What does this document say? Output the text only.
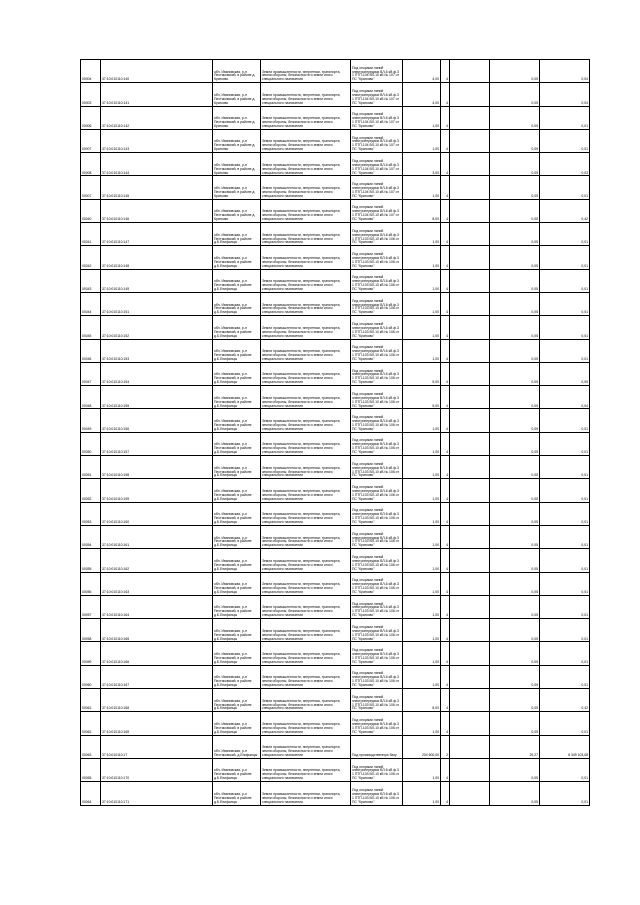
00004	37:10:010110:140	обл. Ивановская, р-н Пестяковский, в районе д. Кратково	Земли промышленности, энергетики, транспорта, земли обороны, безопасности и земли иного специального назначения	Под опорами линий электропередачи ВЛ-6 кВ ф.3 1 ПТП-104 ВЛ-10 кВ № 107 от ПС "Кратково"	4,00	4		0,05	0,04
00003	37:10:010110:141	обл. Ивановская, р-н Пестяковский, в районе д. Кратково	Земли промышленности, энергетики, транспорта, земли обороны, безопасности и земли иного специального назначения	Под опорами линий электропередачи ВЛ-6 кВ ф.3 1 ПТП-104 ВЛ-10 кВ № 107 от ПС "Кратково"	4,00	4		0,05	0,04
00006	37:10:010110:142	обл. Ивановская, р-н Пестяковский, в районе д. Кратково	Земли промышленности, энергетики, транспорта, земли обороны, безопасности и земли иного специального назначения	Под опорами линий электропередачи ВЛ-6 кВ ф.3 1 ПТП-104 ВЛ-10 кВ № 107 от ПС "Кратково"	1,00	4		0,05	0,01
00007	37:10:010110:143	обл. Ивановская, р-н Пестяковский, в районе д. Кратково	Земли промышленности, энергетики, транспорта, земли обороны, безопасности и земли иного специального назначения	Под опорами линий электропередачи ВЛ-6 кВ ф.3 1 ПТП-104 ВЛ-10 кВ № 107 от ПС "Кратково"	1,00	4		0,05	0,01
00008	37:10:010110:144	обл. Ивановская, р-н Пестяковский, в районе д. Кратково	Земли промышленности, энергетики, транспорта, земли обороны, безопасности и земли иного специального назначения	Под опорами линий электропередачи ВЛ-6 кВ ф.3 1 ПТП-104 ВЛ-10 кВ № 107 от ПС "Кратково"	3,00	4		0,05	0,03
00007	37:10:010110:145	обл. Ивановская, р-н Пестяковский, в районе д. Кратково	Земли промышленности, энергетики, транспорта, земли обороны, безопасности и земли иного специального назначения	Под опорами линий электропередачи ВЛ-6 кВ ф.3 1 ПТП-104 ВЛ-10 кВ № 107 от ПС "Кратково"	1,00	4		0,05	0,01
00040	37:10:010110:146	обл. Ивановская, р-н Пестяковский, в районе д. Кратково	Земли промышленности, энергетики, транспорта, земли обороны, безопасности и земли иного специального назначения	Под опорами линий электропередачи ВЛ-6 кВ ф.3 1 ПТП-104 ВЛ-10 кВ № 107 от ПС "Кратково"	8,00	4		0,05	0,42
00041	37:10:010110:147	обл. Ивановская, р-н Пестяковский, в районе д.Б.Епифанцы	Земли промышленности, энергетики, транспорта, земли обороны, безопасности и земли иного специального назначения	Под опорами линий электропередачи ВЛ-6 кВ ф.3 1 ПТП-103 ВЛ-10 кВ № 106 от ПС "Кратково"	1,00	4		0,05	0,01
00042	37:10:010110:148	обл. Ивановская, р-н Пестяковский, в районе д.Б.Епифанцы	Земли промышленности, энергетики, транспорта, земли обороны, безопасности и земли иного специального назначения	Под опорами линий электропередачи ВЛ-6 кВ ф.3 1 ПТП-103 ВЛ-10 кВ № 106 от ПС "Кратково"	1,00	4		0,05	0,01
00043	37:10:010110:149	обл. Ивановская, р-н Пестяковский, в районе д.Б.Епифанцы	Земли промышленности, энергетики, транспорта, земли обороны, безопасности и земли иного специального назначения	Под опорами линий электропередачи ВЛ-6 кВ ф.3 1 ПТП-103 ВЛ-10 кВ № 106 от ПС "Кратково"	1,00	4		0,05	0,01
00044	37:10:010110:151	обл. Ивановская, р-н Пестяковский, в районе д.Б.Епифанцы	Земли промышленности, энергетики, транспорта, земли обороны, безопасности и земли иного специального назначения	Под опорами линий электропередачи ВЛ-6 кВ ф.3 1 ПТП-103 ВЛ-10 кВ № 106 от ПС "Кратково"	1,00	4		0,05	0,01
00045	37:10:010110:152	обл. Ивановская, р-н Пестяковский, в районе д.Б.Епифанцы	Земли промышленности, энергетики, транспорта, земли обороны, безопасности и земли иного специального назначения	Под опорами линий электропередачи ВЛ-6 кВ ф.3 1 ПТП-103 ВЛ-10 кВ № 106 от ПС "Кратково"	1,00	4		0,05	0,01
00046	37:10:010110:153	обл. Ивановская, р-н Пестяковский, в районе д.Б.Епифанцы	Земли промышленности, энергетики, транспорта, земли обороны, безопасности и земли иного специального назначения	Под опорами линий электропередачи ВЛ-6 кВ ф.3 1 ПТП-103 ВЛ-10 кВ № 106 от ПС "Кратково"	1,00	4		0,05	0,01
00047	37:10:010110:154	обл. Ивановская, р-н Пестяковский, в районе д.Б.Епифанцы	Земли промышленности, энергетики, транспорта, земли обороны, безопасности и земли иного специального назначения	Под опорами линий электропередачи ВЛ-6 кВ ф.3 1 ПТП-103 ВЛ-10 кВ № 106 от ПС "Кратково"	5,00	4		0,05	0,05
00048	37:10:010110:155	обл. Ивановская, р-н Пестяковский, в районе д.Б.Епифанцы	Земли промышленности, энергетики, транспорта, земли обороны, безопасности и земли иного специального назначения	Под опорами линий электропередачи ВЛ-6 кВ ф.3 1 ПТП-103 ВЛ-10 кВ № 106 от ПС "Кратково"	5,00	4		0,05	0,04
00049	37:10:010110:156	обл. Ивановская, р-н Пестяковский, в районе д.Б.Епифанцы	Земли промышленности, энергетики, транспорта, земли обороны, безопасности и земли иного специального назначения	Под опорами линий электропередачи ВЛ-6 кВ ф.3 1 ПТП-103 ВЛ-10 кВ № 106 от ПС "Кратково"	1,00	4		0,05	0,01
00050	37:10:010110:157	обл. Ивановская, р-н Пестяковский, в районе д.Б.Епифанцы	Земли промышленности, энергетики, транспорта, земли обороны, безопасности и земли иного специального назначения	Под опорами линий электропередачи ВЛ-6 кВ ф.3 1 ПТП-103 ВЛ-10 кВ № 106 от ПС "Кратково"	1,00	4		0,05	0,01
00051	37:10:010110:158	обл. Ивановская, р-н Пестяковский, в районе д.Б.Епифанцы	Земли промышленности, энергетики, транспорта, земли обороны, безопасности и земли иного специального назначения	Под опорами линий электропередачи ВЛ-6 кВ ф.3 1 ПТП-103 ВЛ-10 кВ № 106 от ПС "Кратково"	1,00	4		0,05	0,01
00052	37:10:010110:159	обл. Ивановская, р-н Пестяковский, в районе д.Б.Епифанцы	Земли промышленности, энергетики, транспорта, земли обороны, безопасности и земли иного специального назначения	Под опорами линий электропередачи ВЛ-6 кВ ф.3 1 ПТП-103 ВЛ-10 кВ № 106 от ПС "Кратково"	1,00	4		0,05	0,01
00053	37:10:010110:160	обл. Ивановская, р-н Пестяковский, в районе д.Б.Епифанцы	Земли промышленности, энергетики, транспорта, земли обороны, безопасности и земли иного специального назначения	Под опорами линий электропередачи ВЛ-6 кВ ф.3 1 ПТП-103 ВЛ-10 кВ № 106 от ПС "Кратково"	1,00	4		0,05	0,01
00054	37:10:010110:161	обл. Ивановская, р-н Пестяковский, в районе д.Б.Епифанцы	Земли промышленности, энергетики, транспорта, земли обороны, безопасности и земли иного специального назначения	Под опорами линий электропередачи ВЛ-6 кВ ф.3 1 ПТП-103 ВЛ-10 кВ № 106 от ПС "Кратково"	1,00	4		0,05	0,01
00055	37:10:010110:162	обл. Ивановская, р-н Пестяковский, в районе д.Б.Епифанцы	Земли промышленности, энергетики, транспорта, земли обороны, безопасности и земли иного специального назначения	Под опорами линий электропередачи ВЛ-6 кВ ф.3 1 ПТП-103 ВЛ-10 кВ № 106 от ПС "Кратково"	1,00	4		0,05	0,01
00056	37:10:010110:163	обл. Ивановская, р-н Пестяковский, в районе д.Б.Епифанцы	Земли промышленности, энергетики, транспорта, земли обороны, безопасности и земли иного специального назначения	Под опорами линий электропередачи ВЛ-6 кВ ф.3 1 ПТП-103 ВЛ-10 кВ № 106 от ПС "Кратково"	1,00	4		0,05	0,01
00057	37:10:010110:164	обл. Ивановская, р-н Пестяковский, в районе д.Б.Епифанцы	Земли промышленности, энергетики, транспорта, земли обороны, безопасности и земли иного специального назначения	Под опорами линий электропередачи ВЛ-6 кВ ф.3 1 ПТП-103 ВЛ-10 кВ № 106 от ПС "Кратково"	1,00	4		0,05	0,01
00058	37:10:010110:165	обл. Ивановская, р-н Пестяковский, в районе д.Б.Епифанцы	Земли промышленности, энергетики, транспорта, земли обороны, безопасности и земли иного специального назначения	Под опорами линий электропередачи ВЛ-6 кВ ф.3 1 ПТП-103 ВЛ-10 кВ № 106 от ПС "Кратково"	1,00	4		0,05	0,01
00059	37:10:010110:166	обл. Ивановская, р-н Пестяковский, в районе д.Б.Епифанцы	Земли промышленности, энергетики, транспорта, земли обороны, безопасности и земли иного специального назначения	Под опорами линий электропередачи ВЛ-6 кВ ф.3 1 ПТП-103 ВЛ-10 кВ № 106 от ПС "Кратково"	1,00	4		0,05	0,01
00060	37:10:010110:167	обл. Ивановская, р-н Пестяковский, в районе д.Б.Епифанцы	Земли промышленности, энергетики, транспорта, земли обороны, безопасности и земли иного специального назначения	Под опорами линий электропередачи ВЛ-6 кВ ф.3 1 ПТП-103 ВЛ-10 кВ № 106 от ПС "Кратково"	1,00	4		0,05	0,01
00061	37:10:010110:168	обл. Ивановская, р-н Пестяковский, в районе д.Б.Епифанцы	Земли промышленности, энергетики, транспорта, земли обороны, безопасности и земли иного специального назначения	Под опорами линий электропередачи ВЛ-6 кВ ф.3 1 ПТП-103 ВЛ-10 кВ № 106 от ПС "Кратково"	8,00	4		0,05	0,42
00062	37:10:010110:169	обл. Ивановская, р-н Пестяковский, в районе д.Б.Епифанцы	Земли промышленности, энергетики, транспорта, земли обороны, безопасности и земли иного специального назначения	Под опорами линий электропередачи ВЛ-6 кВ ф.3 1 ПТП-103 ВЛ-10 кВ № 106 от ПС "Кратково"	1,00	4		0,05	0,01
00063	37:10:010110:17	обл. Ивановская, р-н Пестяковский, д.Епифанцы	Земли промышленности, энергетики, транспорта, земли обороны, безопасности и земли иного специального назначения	Под производственную базу	204 600,00	2		29,27	8 349 103,08
00065	37:10:010110:170	обл. Ивановская, р-н Пестяковский, в районе д.Б.Епифанцы	Земли промышленности, энергетики, транспорта, земли обороны, безопасности и земли иного специального назначения	Под опорами линий электропередачи ВЛ-6 кВ ф.3 1 ПТП-103 ВЛ-10 кВ № 106 от ПС "Кратково"	1,00	4		0,05	0,01
00064	37:10:010110:171	обл. Ивановская, р-н Пестяковский, в районе д.Б.Епифанцы	Земли промышленности, энергетики, транспорта, земли обороны, безопасности и земли иного специального назначения	Под опорами линий электропередачи ВЛ-6 кВ ф.3 1 ПТП-103 ВЛ-10 кВ № 106 от ПС "Кратково"	1,00	4		0,05	0,01
